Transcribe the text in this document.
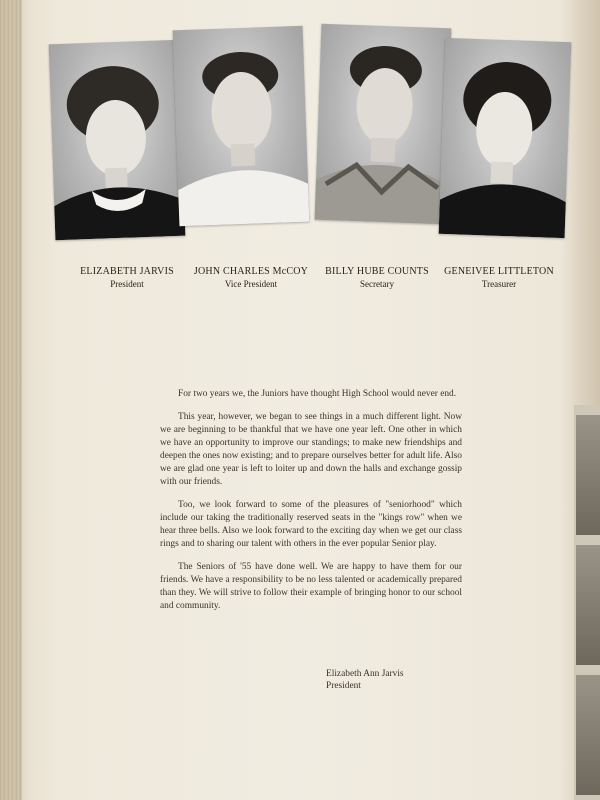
ELIZABETH JARVIS
President
JOHN CHARLES McCOY
Vice President
BILLY HUBE COUNTS
Secretary
GENEIVEE LITTLETON
Treasurer

For two years we, the Juniors have thought High School would never end.

This year, however, we began to see things in a much different light. Now we are beginning to be thankful that we have one year left. One other in which we have an opportunity to improve our standings; to make new friendships and deepen the ones now existing; and to prepare ourselves better for adult life. Also we are glad one year is left to loiter up and down the halls and exchange gossip with our friends.

Too, we look forward to some of the pleasures of "seniorhood" which include our taking the traditionally reserved seats in the "kings row" when we hear three bells. Also we look forward to the exciting day when we get our class rings and to sharing our talent with others in the ever popular Senior play.

The Seniors of '55 have done well. We are happy to have them for our friends. We have a responsibility to be no less talented or academically prepared than they. We will strive to follow their example of bringing honor to our school and community.

Elizabeth Ann Jarvis
President
